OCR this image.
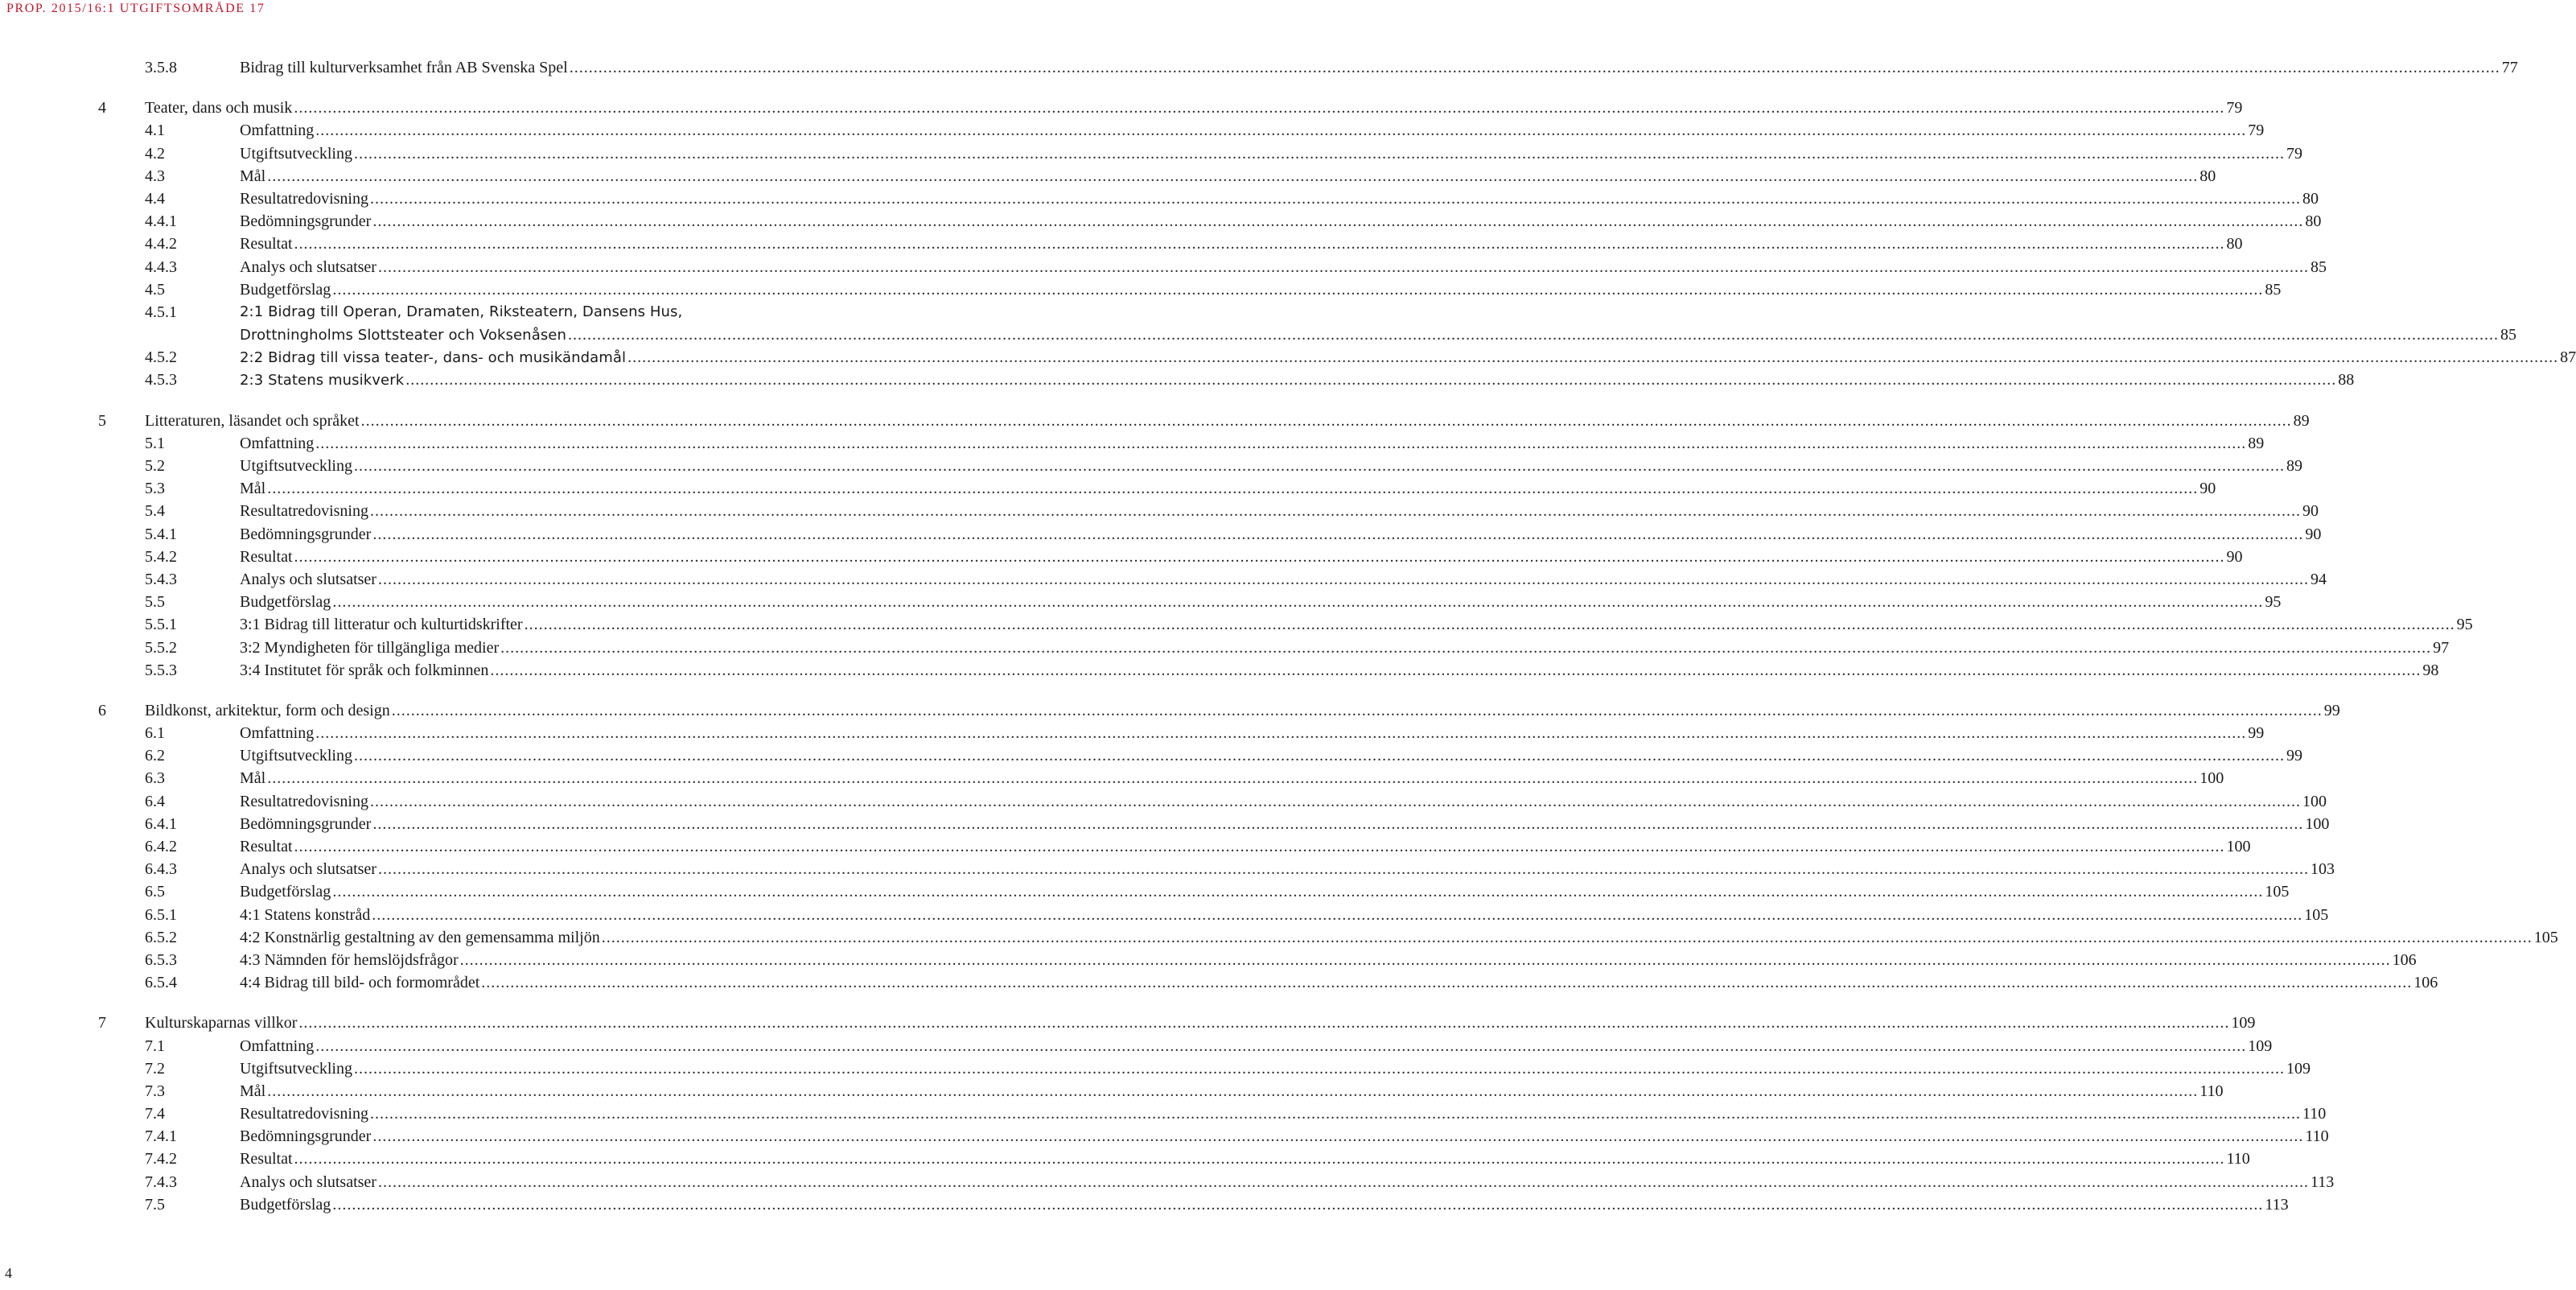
PROP. 2015/16:1 UTGIFTSOMRÅDE 17
3.5.8	Bidrag till kulturverksamhet från AB Svenska Spel ................................................................................................................................................................................................................................................................................................................................................................................................................ 77
4 Teater, dans och musik ................................................................................................................................................................................................................................................................................................................................................................................................................ 79
4.1	Omfattning ................................................................................................................................................................................................................................................................................................................................................................................................................ 79
4.2	Utgiftsutveckling ................................................................................................................................................................................................................................................................................................................................................................................................................ 79
4.3	Mål ................................................................................................................................................................................................................................................................................................................................................................................................................ 80
4.4	Resultatredovisning ................................................................................................................................................................................................................................................................................................................................................................................................................ 80
4.4.1	Bedömningsgrunder ................................................................................................................................................................................................................................................................................................................................................................................................................ 80
4.4.2	Resultat ................................................................................................................................................................................................................................................................................................................................................................................................................ 80
4.4.3	Analys och slutsatser ................................................................................................................................................................................................................................................................................................................................................................................................................ 85
4.5	Budgetförslag ................................................................................................................................................................................................................................................................................................................................................................................................................ 85
4.5.1	2:1 Bidrag till Operan, Dramaten, Riksteatern, Dansens Hus,
Drottningholms Slottsteater och Voksenåsen ................................................................................................................................................................................................................................................................................................................................................................................................................ 85
4.5.2	2:2 Bidrag till vissa teater-, dans- och musikändamål ................................................................................................................................................................................................................................................................................................................................................................................................................ 87
4.5.3	2:3 Statens musikverk ................................................................................................................................................................................................................................................................................................................................................................................................................ 88
5 Litteraturen, läsandet och språket ................................................................................................................................................................................................................................................................................................................................................................................................................ 89
5.1	Omfattning ................................................................................................................................................................................................................................................................................................................................................................................................................ 89
5.2	Utgiftsutveckling ................................................................................................................................................................................................................................................................................................................................................................................................................ 89
5.3	Mål ................................................................................................................................................................................................................................................................................................................................................................................................................ 90
5.4	Resultatredovisning ................................................................................................................................................................................................................................................................................................................................................................................................................ 90
5.4.1	Bedömningsgrunder ................................................................................................................................................................................................................................................................................................................................................................................................................ 90
5.4.2	Resultat ................................................................................................................................................................................................................................................................................................................................................................................................................ 90
5.4.3	Analys och slutsatser ................................................................................................................................................................................................................................................................................................................................................................................................................ 94
5.5	Budgetförslag ................................................................................................................................................................................................................................................................................................................................................................................................................ 95
5.5.1	3:1 Bidrag till litteratur och kulturtidskrifter ................................................................................................................................................................................................................................................................................................................................................................................................................ 95
5.5.2	3:2 Myndigheten för tillgängliga medier ................................................................................................................................................................................................................................................................................................................................................................................................................ 97
5.5.3	3:4 Institutet för språk och folkminnen ................................................................................................................................................................................................................................................................................................................................................................................................................ 98
6 Bildkonst, arkitektur, form och design ................................................................................................................................................................................................................................................................................................................................................................................................................ 99
6.1	Omfattning ................................................................................................................................................................................................................................................................................................................................................................................................................ 99
6.2	Utgiftsutveckling ................................................................................................................................................................................................................................................................................................................................................................................................................ 99
6.3	Mål ................................................................................................................................................................................................................................................................................................................................................................................................................ 100
6.4	Resultatredovisning ................................................................................................................................................................................................................................................................................................................................................................................................................ 100
6.4.1	Bedömningsgrunder ................................................................................................................................................................................................................................................................................................................................................................................................................ 100
6.4.2	Resultat ................................................................................................................................................................................................................................................................................................................................................................................................................ 100
6.4.3	Analys och slutsatser ................................................................................................................................................................................................................................................................................................................................................................................................................ 103
6.5	Budgetförslag ................................................................................................................................................................................................................................................................................................................................................................................................................ 105
6.5.1	4:1 Statens konstråd ................................................................................................................................................................................................................................................................................................................................................................................................................ 105
6.5.2	4:2 Konstnärlig gestaltning av den gemensamma miljön ................................................................................................................................................................................................................................................................................................................................................................................................................ 105
6.5.3	4:3 Nämnden för hemslöjdsfrågor ................................................................................................................................................................................................................................................................................................................................................................................................................ 106
6.5.4	4:4 Bidrag till bild- och formområdet ................................................................................................................................................................................................................................................................................................................................................................................................................ 106
7 Kulturskaparnas villkor ................................................................................................................................................................................................................................................................................................................................................................................................................ 109
7.1	Omfattning ................................................................................................................................................................................................................................................................................................................................................................................................................ 109
7.2	Utgiftsutveckling ................................................................................................................................................................................................................................................................................................................................................................................................................ 109
7.3	Mål ................................................................................................................................................................................................................................................................................................................................................................................................................ 110
7.4	Resultatredovisning ................................................................................................................................................................................................................................................................................................................................................................................................................ 110
7.4.1	Bedömningsgrunder ................................................................................................................................................................................................................................................................................................................................................................................................................ 110
7.4.2	Resultat ................................................................................................................................................................................................................................................................................................................................................................................................................ 110
7.4.3	Analys och slutsatser ................................................................................................................................................................................................................................................................................................................................................................................................................ 113
7.5	Budgetförslag ................................................................................................................................................................................................................................................................................................................................................................................................................ 113
4
